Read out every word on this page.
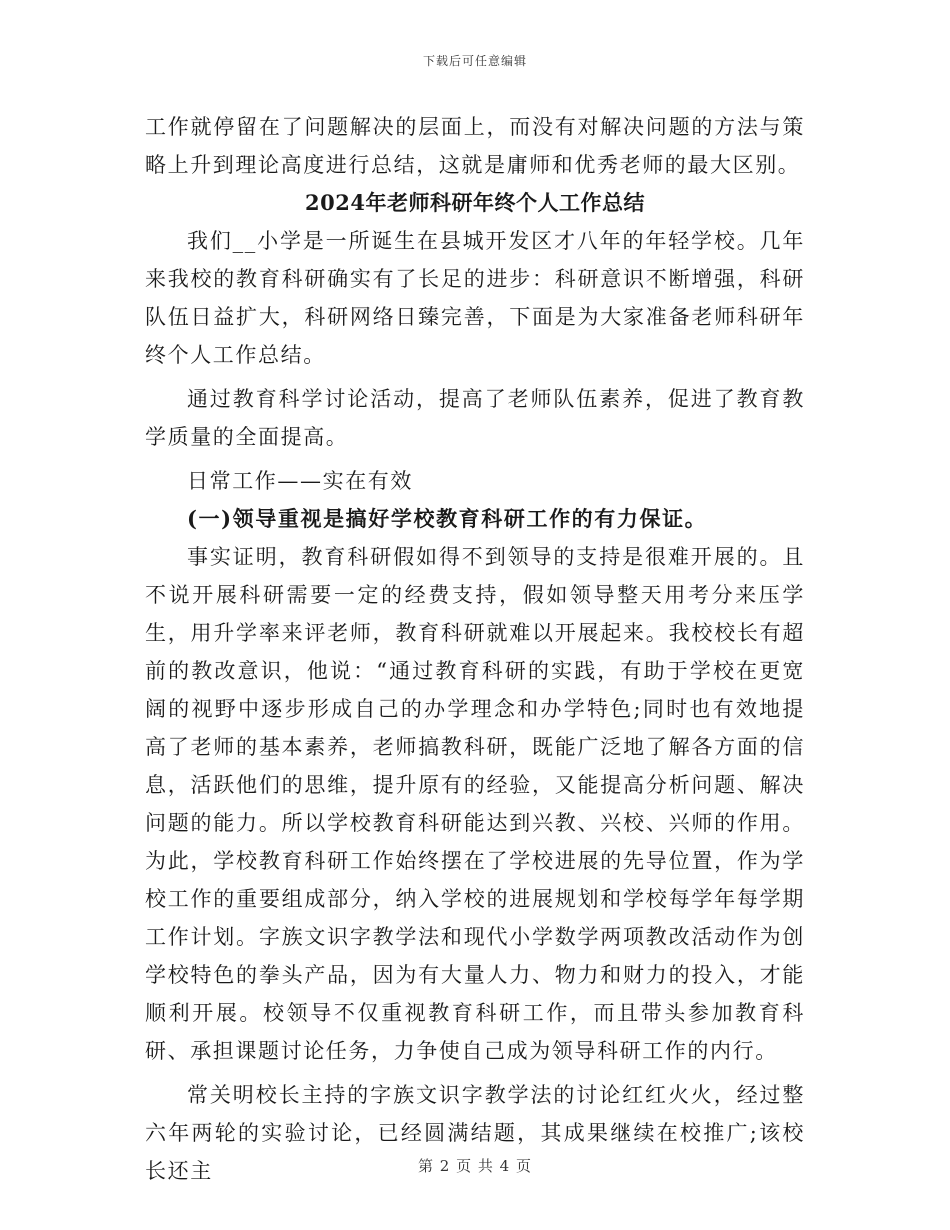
下载后可任意编辑

工作就停留在了问题解决的层面上，而没有对解决问题的方法与策略上升到理论高度进行总结，这就是庸师和优秀老师的最大区别。

2024年老师科研年终个人工作总结

我们__小学是一所诞生在县城开发区才八年的年轻学校。几年来我校的教育科研确实有了长足的进步：科研意识不断增强，科研队伍日益扩大，科研网络日臻完善，下面是为大家准备老师科研年终个人工作总结。

通过教育科学讨论活动，提高了老师队伍素养，促进了教育教学质量的全面提高。

日常工作——实在有效

(一)领导重视是搞好学校教育科研工作的有力保证。

事实证明，教育科研假如得不到领导的支持是很难开展的。且不说开展科研需要一定的经费支持，假如领导整天用考分来压学生，用升学率来评老师，教育科研就难以开展起来。我校校长有超前的教改意识，他说：“通过教育科研的实践，有助于学校在更宽阔的视野中逐步形成自己的办学理念和办学特色;同时也有效地提高了老师的基本素养，老师搞教科研，既能广泛地了解各方面的信息，活跃他们的思维，提升原有的经验，又能提高分析问题、解决问题的能力。所以学校教育科研能达到兴教、兴校、兴师的作用。为此，学校教育科研工作始终摆在了学校进展的先导位置，作为学校工作的重要组成部分，纳入学校的进展规划和学校每学年每学期工作计划。字族文识字教学法和现代小学数学两项教改活动作为创学校特色的拳头产品，因为有大量人力、物力和财力的投入，才能顺利开展。校领导不仅重视教育科研工作，而且带头参加教育科研、承担课题讨论任务，力争使自己成为领导科研工作的内行。

常关明校长主持的字族文识字教学法的讨论红红火火，经过整六年两轮的实验讨论，已经圆满结题，其成果继续在校推广;该校长还主	第 2 页 共 4 页
